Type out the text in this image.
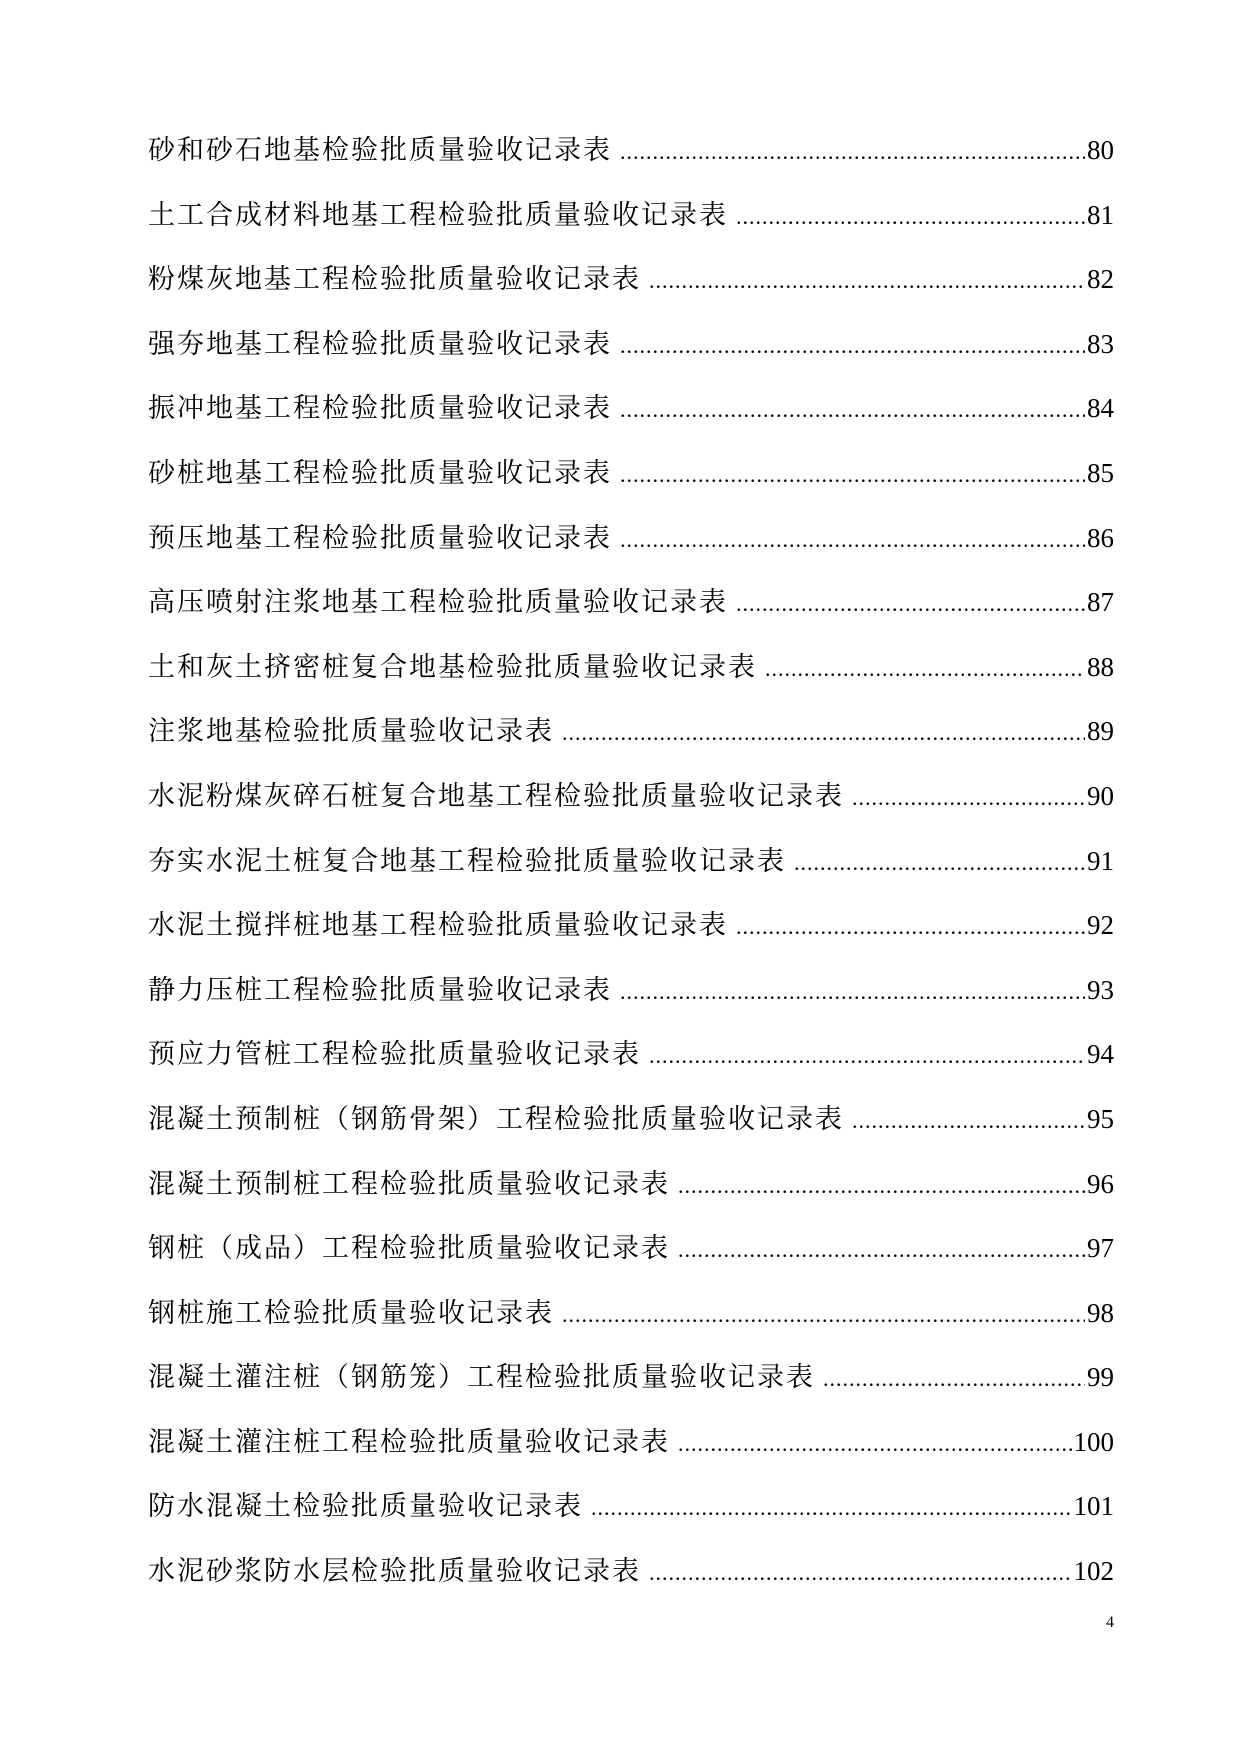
砂和砂石地基检验批质量验收记录表 .....	80
土工合成材料地基工程检验批质量验收记录表 .....	81
粉煤灰地基工程检验批质量验收记录表 .....	82
强夯地基工程检验批质量验收记录表 .....	83
振冲地基工程检验批质量验收记录表 .....	84
砂桩地基工程检验批质量验收记录表 .....	85
预压地基工程检验批质量验收记录表 .....	86
高压喷射注浆地基工程检验批质量验收记录表 .....	87
土和灰土挤密桩复合地基检验批质量验收记录表 .....	88
注浆地基检验批质量验收记录表 .....	89
水泥粉煤灰碎石桩复合地基工程检验批质量验收记录表 .....	90
夯实水泥土桩复合地基工程检验批质量验收记录表 .....	91
水泥土搅拌桩地基工程检验批质量验收记录表 .....	92
静力压桩工程检验批质量验收记录表 .....	93
预应力管桩工程检验批质量验收记录表 .....	94
混凝土预制桩（钢筋骨架）工程检验批质量验收记录表 .....	95
混凝土预制桩工程检验批质量验收记录表 .....	96
钢桩（成品）工程检验批质量验收记录表 .....	97
钢桩施工检验批质量验收记录表 .....	98
混凝土灌注桩（钢筋笼）工程检验批质量验收记录表 .....	99
混凝土灌注桩工程检验批质量验收记录表 .....	100
防水混凝土检验批质量验收记录表 .....	101
水泥砂浆防水层检验批质量验收记录表 .....	102
4
